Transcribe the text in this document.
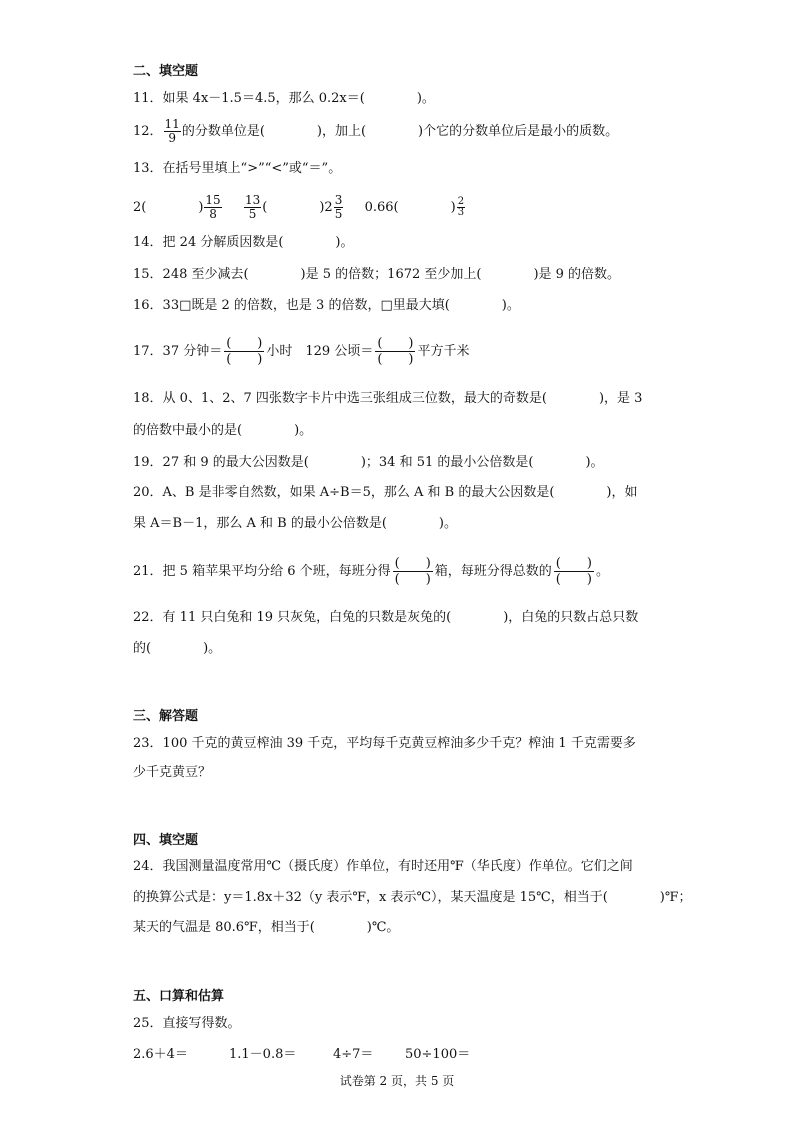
二、填空题
11．如果 4x－1.5＝4.5，那么 0.2x＝(　　　　)。
12． $\frac{11}{9}$ 的分数单位是(　　　　)，加上(　　　　)个它的分数单位后是最小的质数。
13．在括号里填上“>”“<”或“＝”。
2(　　　　) $\frac{15}{8}$
$\frac{13}{5}$ (　　　　)$2 \frac{3}{5} 0.66$(　　　　) $\frac{2}{3}$
14．把 24 分解质因数是(　　　　)。
15．248 至少减去(　　　　)是 5 的倍数；1672 至少加上(　　　　)是 9 的倍数。
16．33□既是 2 的倍数，也是 3 的倍数，□里最大填(　　　　)。
17．37 分钟＝ $\frac{( )}{( )}$ 小时　129 公顷＝ $\frac{( )}{( )}$ 平方千米
18．从 0、1、2、7 四张数字卡片中选三张组成三位数，最大的奇数是(　　　　)，是 3
的倍数中最小的是(　　　　)。
19．27 和 9 的最大公因数是(　　　　)；34 和 51 的最小公倍数是(　　　　)。
20．A、B 是非零自然数，如果 A÷B＝5，那么 A 和 B 的最大公因数是(　　　　)，如
果 A＝B－1，那么 A 和 B 的最小公倍数是(　　　　)。
21．把 5 箱苹果平均分给 6 个班，每班分得 $\frac{( )}{( )}$ 箱，每班分得总数的 $\frac{( )}{( )}$ 。
22．有 11 只白兔和 19 只灰兔，白兔的只数是灰兔的(　　　　)，白兔的只数占总只数
的(　　　　)。
三、解答题
23．100 千克的黄豆榨油 39 千克，平均每千克黄豆榨油多少千克？榨油 1 千克需要多
少千克黄豆？
四、填空题
24．我国测量温度常用℃（摄氏度）作单位，有时还用℉（华氏度）作单位。它们之间
的换算公式是：y＝1.8x＋32（y 表示℉，x 表示℃），某天温度是 15℃，相当于(　　　　)℉；
某天的气温是 80.6℉，相当于(　　　　)℃。
五、口算和估算
25．直接写得数。
2.6＋4＝	1.1－0.8＝	4÷7＝ 50÷100＝
试卷第 2 页，共 5 页
